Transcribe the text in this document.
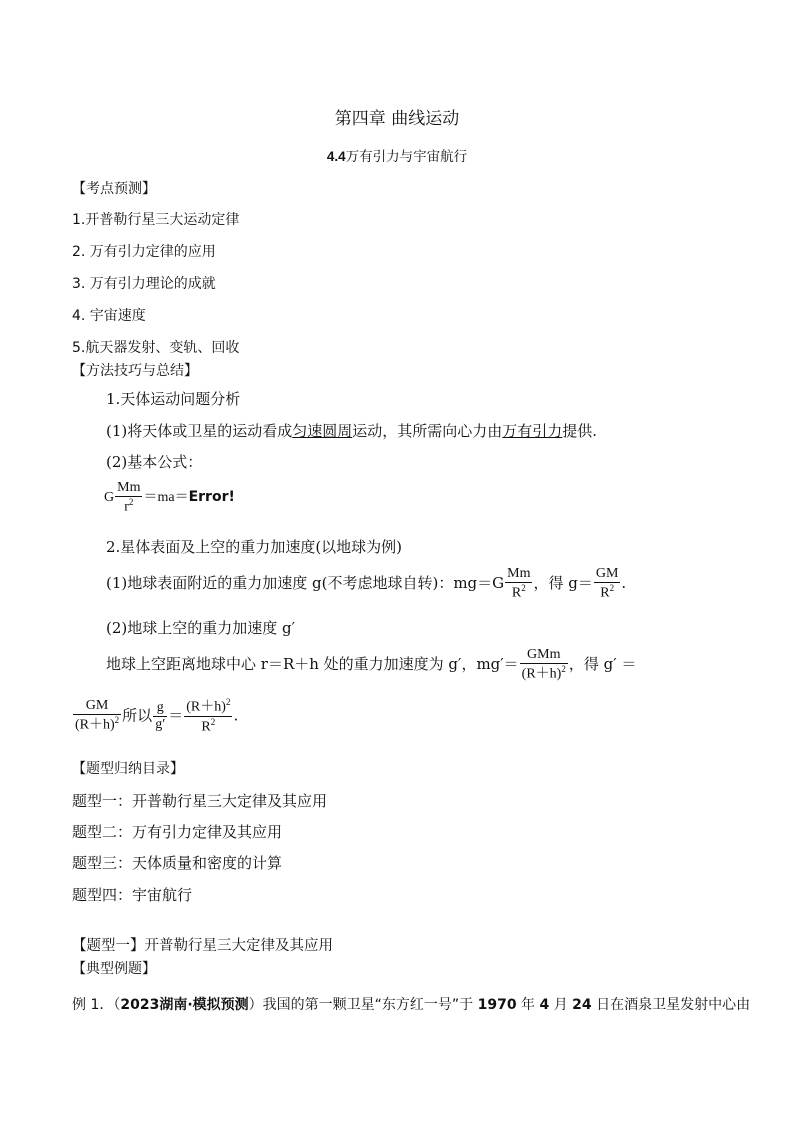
第四章 曲线运动
4.4万有引力与宇宙航行
【考点预测】
1.开普勒行星三大运动定律
2. 万有引力定律的应用
3. 万有引力理论的成就
4. 宇宙速度
5.航天器发射、变轨、回收
【方法技巧与总结】
1.天体运动问题分析
(1)将天体或卫星的运动看成匀速圆周运动，其所需向心力由万有引力提供.
(2)基本公式：
G $\frac{Mm}{r^2}$ ＝ma＝Error!
2.星体表面及上空的重力加速度(以地球为例)
(1)地球表面附近的重力加速度 g(不考虑地球自转)：$mg=G \frac{Mm}{R^2}$ ，得 $g= \frac{GM}{R^2}$ .
(2)地球上空的重力加速度 g′
地球上空距离地球中心 r＝R＋h 处的重力加速度为 g′，$mg'= \frac{\text{GMm}}{(R+h)^2}$ ，得 g′ ＝
$\frac{GM}{(R+h)^2}$ 所以 $\frac{g}{g'} = \frac{(R+h)^2}{R^2}$ .
【题型归纳目录】
题型一：开普勒行星三大定律及其应用
题型二：万有引力定律及其应用
题型三：天体质量和密度的计算
题型四：宇宙航行
【题型一】开普勒行星三大定律及其应用
【典型例题】
例 1．（2023湖南·模拟预测）我国的第一颗卫星“东方红一号”于 1970 年 4 月 24 日在酒泉卫星发射中心由
